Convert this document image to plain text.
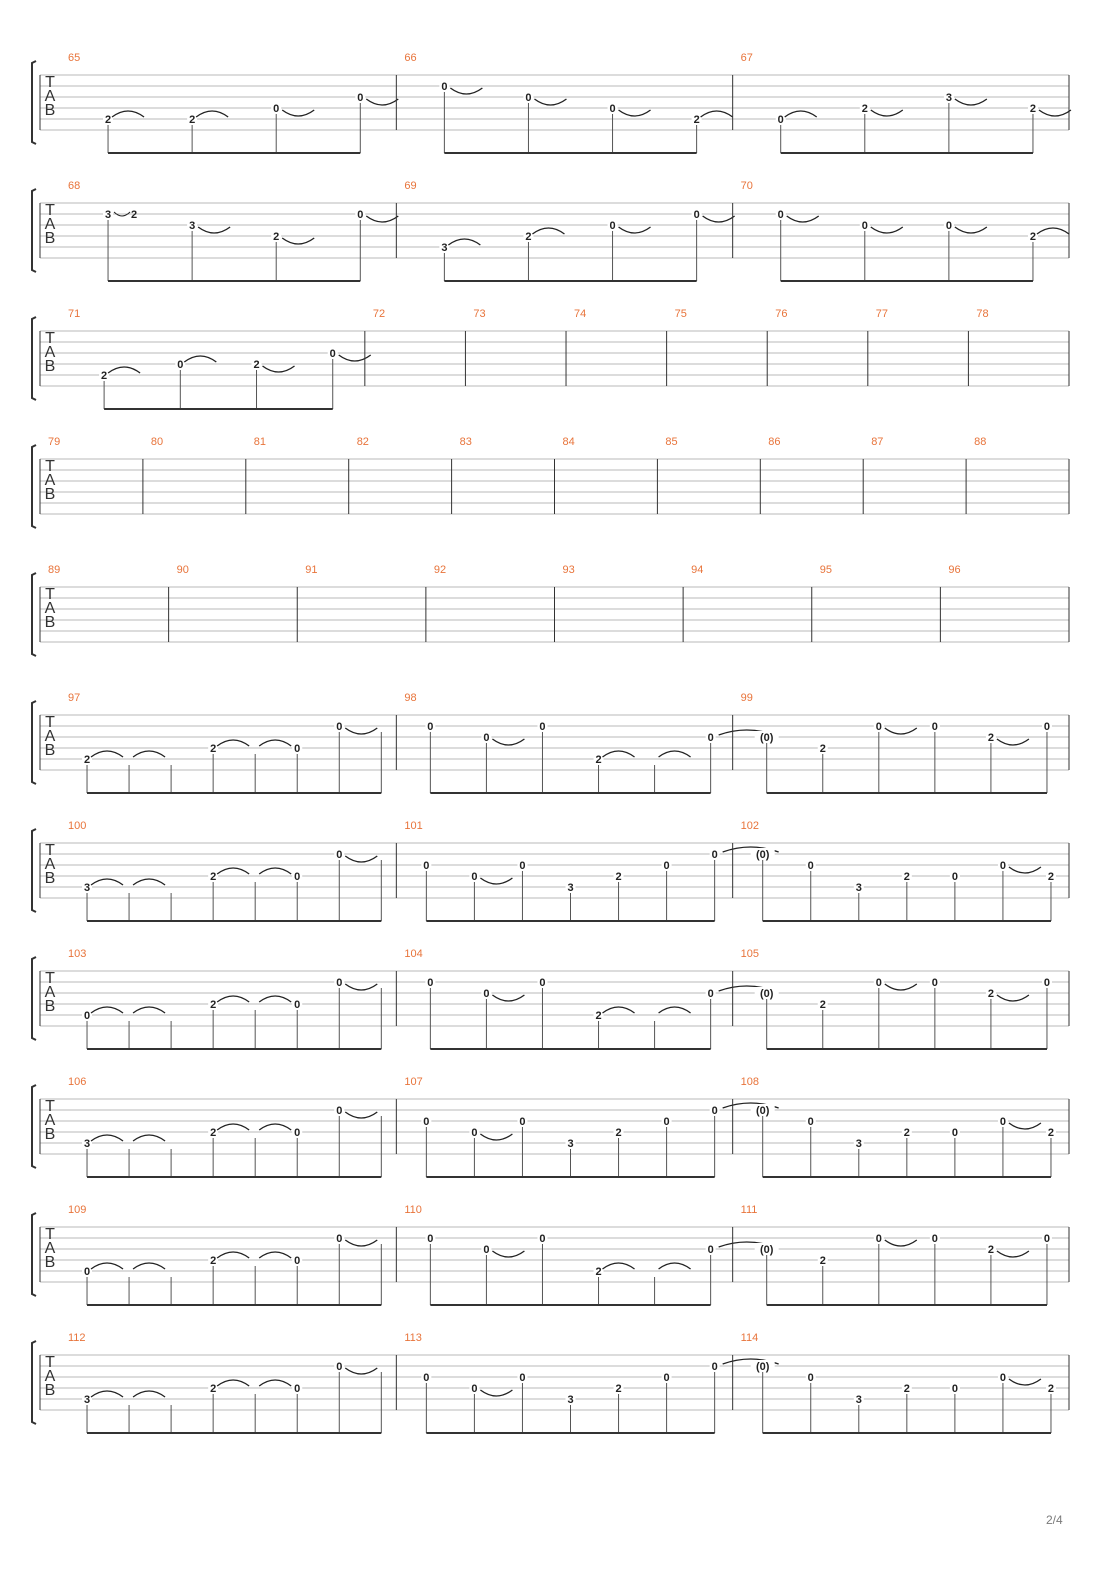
T
A
B
65
2	2
0
0
66
0
0
0
2
67
0
2
3
2
T
A
B
68
3 2
3
2
0
69
3
2
0
0
70
0
0	0
2
T
A
B
71
2
0	2
0
72	73	74	75	76	77	78
T
A
B
79	80	81	82	83	84	85	86	87	88
T
A
B
89	90	91	92	93	94	95	96
T
A
B
97
2
2	0
0
98
0
0
0
2
0
99
(0)
2
0	0
2
0
T
A
B
100
3
2	0
0
101
0
0
0
3
2
0
0
102
(0)
0
3
2	0
0
2
T
A
B
103
0
2	0
0
104
0
0
0
2
0
105
(0)
2
0	0
2
0
T
A
B
106
3
2	0
0
107
0
0
0
3
2
0
0
108
(0)
0
3
2	0
0
2
T
A
B
109
0
2	0
0
110
0
0
0
2
0
111
(0)
2
0	0
2
0
T
A
B
112
3
2	0
0
113
0
0
0
3
2
0
0
114
(0)
0
3
2	0
0
2
2/4
